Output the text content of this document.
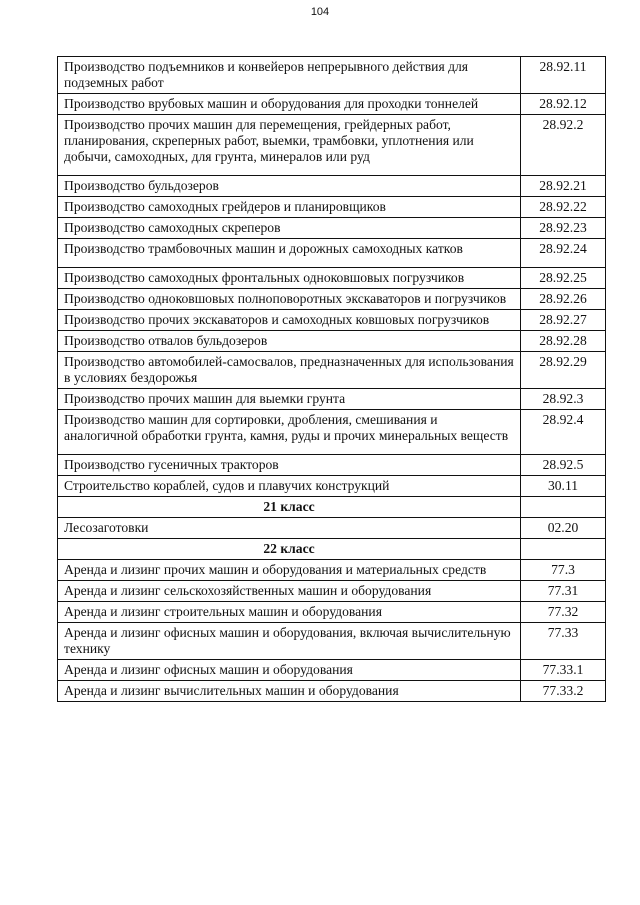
104
Производство подъемников и конвейеров непрерывного действия для подземных работ	28.92.11
Производство врубовых машин и оборудования для проходки тоннелей	28.92.12
Производство прочих машин для перемещения, грейдерных работ, планирования, скреперных работ, выемки, трамбовки, уплотнения или добычи, самоходных, для грунта, минералов или руд	28.92.2
Производство бульдозеров	28.92.21
Производство самоходных грейдеров и планировщиков	28.92.22
Производство самоходных скреперов	28.92.23
Производство трамбовочных машин и дорожных самоходных катков	28.92.24
Производство самоходных фронтальных одноковшовых погрузчиков	28.92.25
Производство одноковшовых полноповоротных экскаваторов и погрузчиков	28.92.26
Производство прочих экскаваторов и самоходных ковшовых погрузчиков	28.92.27
Производство отвалов бульдозеров	28.92.28
Производство автомобилей-самосвалов, предназначенных для использования в условиях бездорожья	28.92.29
Производство прочих машин для выемки грунта	28.92.3
Производство машин для сортировки, дробления, смешивания и аналогичной обработки грунта, камня, руды и прочих минеральных веществ	28.92.4
Производство гусеничных тракторов	28.92.5
Строительство кораблей, судов и плавучих конструкций	30.11
21 класс	
Лесозаготовки	02.20
22 класс	
Аренда и лизинг прочих машин и оборудования и материальных средств	77.3
Аренда и лизинг сельскохозяйственных машин и оборудования	77.31
Аренда и лизинг строительных машин и оборудования	77.32
Аренда и лизинг офисных машин и оборудования, включая вычислительную технику	77.33
Аренда и лизинг офисных машин и оборудования	77.33.1
Аренда и лизинг вычислительных машин и оборудования	77.33.2
